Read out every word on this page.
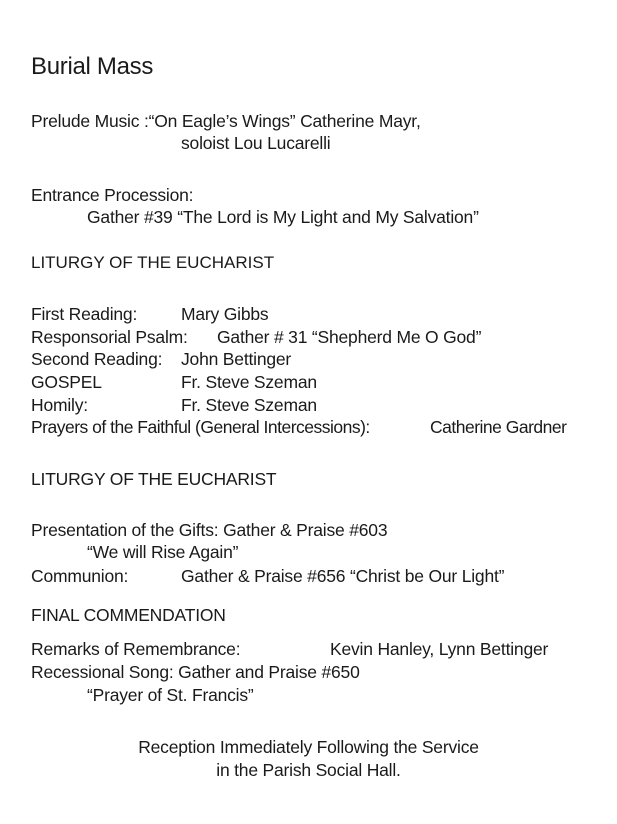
Burial Mass
Prelude Music :“On Eagle’s Wings” Catherine Mayr,
soloist Lou Lucarelli
Entrance Procession:
Gather #39 “The Lord is My Light and My Salvation”
LITURGY OF THE EUCHARIST
First Reading:	Mary Gibbs
Responsorial Psalm: Gather # 31 “Shepherd Me O God”
Second Reading: John Bettinger
GOSPEL	Fr. Steve Szeman
Homily:	Fr. Steve Szeman
Prayers of the Faithful (General Intercessions):	Catherine Gardner
LITURGY OF THE EUCHARIST
Presentation of the Gifts: Gather & Praise #603
“We will Rise Again”
Communion:	Gather & Praise #656 “Christ be Our Light”
FINAL COMMENDATION
Remarks of Remembrance:	Kevin Hanley, Lynn Bettinger
Recessional Song: Gather and Praise #650
“Prayer of St. Francis”
Reception Immediately Following the Service
in the Parish Social Hall.
